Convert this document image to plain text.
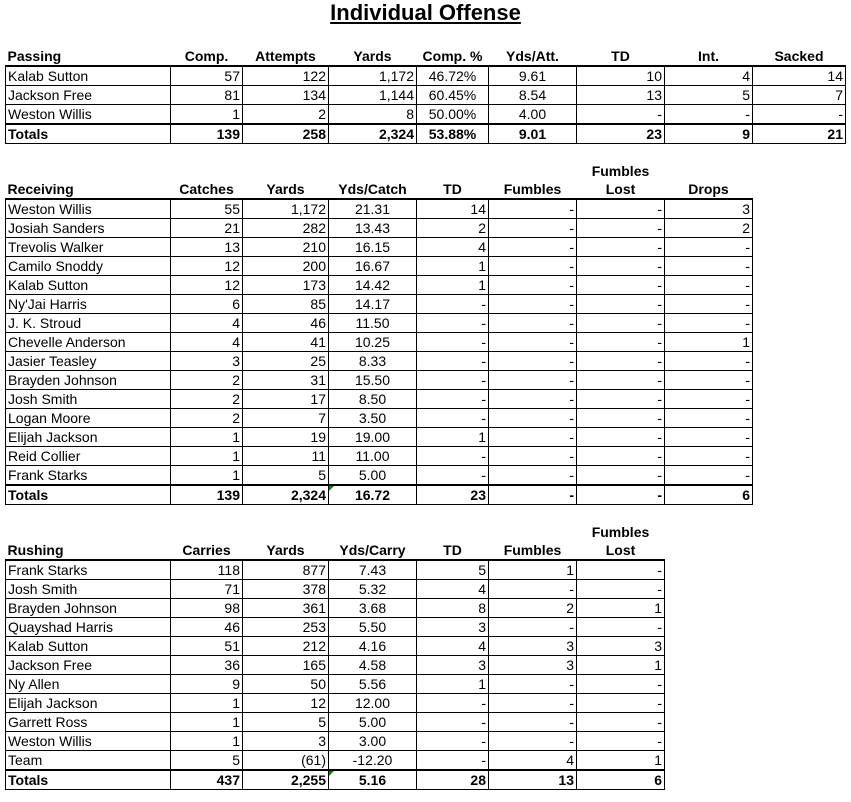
Individual Offense
Passing	Comp.	Attempts	Yards	Comp. %	Yds/Att.	TD	Int.	Sacked
Kalab Sutton	57	122	1,172	46.72%	9.61	10	4	14
Jackson Free	81	134	1,144	60.45%	8.54	13	5	7
Weston Willis	1	2	8	50.00%	4.00	-	-	-
Totals	139	258	2,324	53.88%	9.01	23	9	21
						Fumbles	
Receiving	Catches	Yards	Yds/Catch	TD	Fumbles	Lost	Drops
Weston Willis	55	1,172	21.31	14	-	-	3
Josiah Sanders	21	282	13.43	2	-	-	2
Trevolis Walker	13	210	16.15	4	-	-	-
Camilo Snoddy	12	200	16.67	1	-	-	-
Kalab Sutton	12	173	14.42	1	-	-	-
Ny'Jai Harris	6	85	14.17	-	-	-	-
J. K. Stroud	4	46	11.50	-	-	-	-
Chevelle Anderson	4	41	10.25	-	-	-	1
Jasier Teasley	3	25	8.33	-	-	-	-
Brayden Johnson	2	31	15.50	-	-	-	-
Josh Smith	2	17	8.50	-	-	-	-
Logan Moore	2	7	3.50	-	-	-	-
Elijah Jackson	1	19	19.00	1	-	-	-
Reid Collier	1	11	11.00	-	-	-	-
Frank Starks	1	5	5.00	-	-	-	-
Totals	139	2,324	16.72	23	-	-	6
						Fumbles
Rushing	Carries	Yards	Yds/Carry	TD	Fumbles	Lost
Frank Starks	118	877	7.43	5	1	-
Josh Smith	71	378	5.32	4	-	-
Brayden Johnson	98	361	3.68	8	2	1
Quayshad Harris	46	253	5.50	3	-	-
Kalab Sutton	51	212	4.16	4	3	3
Jackson Free	36	165	4.58	3	3	1
Ny Allen	9	50	5.56	1	-	-
Elijah Jackson	1	12	12.00	-	-	-
Garrett Ross	1	5	5.00	-	-	-
Weston Willis	1	3	3.00	-	-	-
Team	5	(61)	-12.20	-	4	1
Totals	437	2,255	5.16	28	13	6
